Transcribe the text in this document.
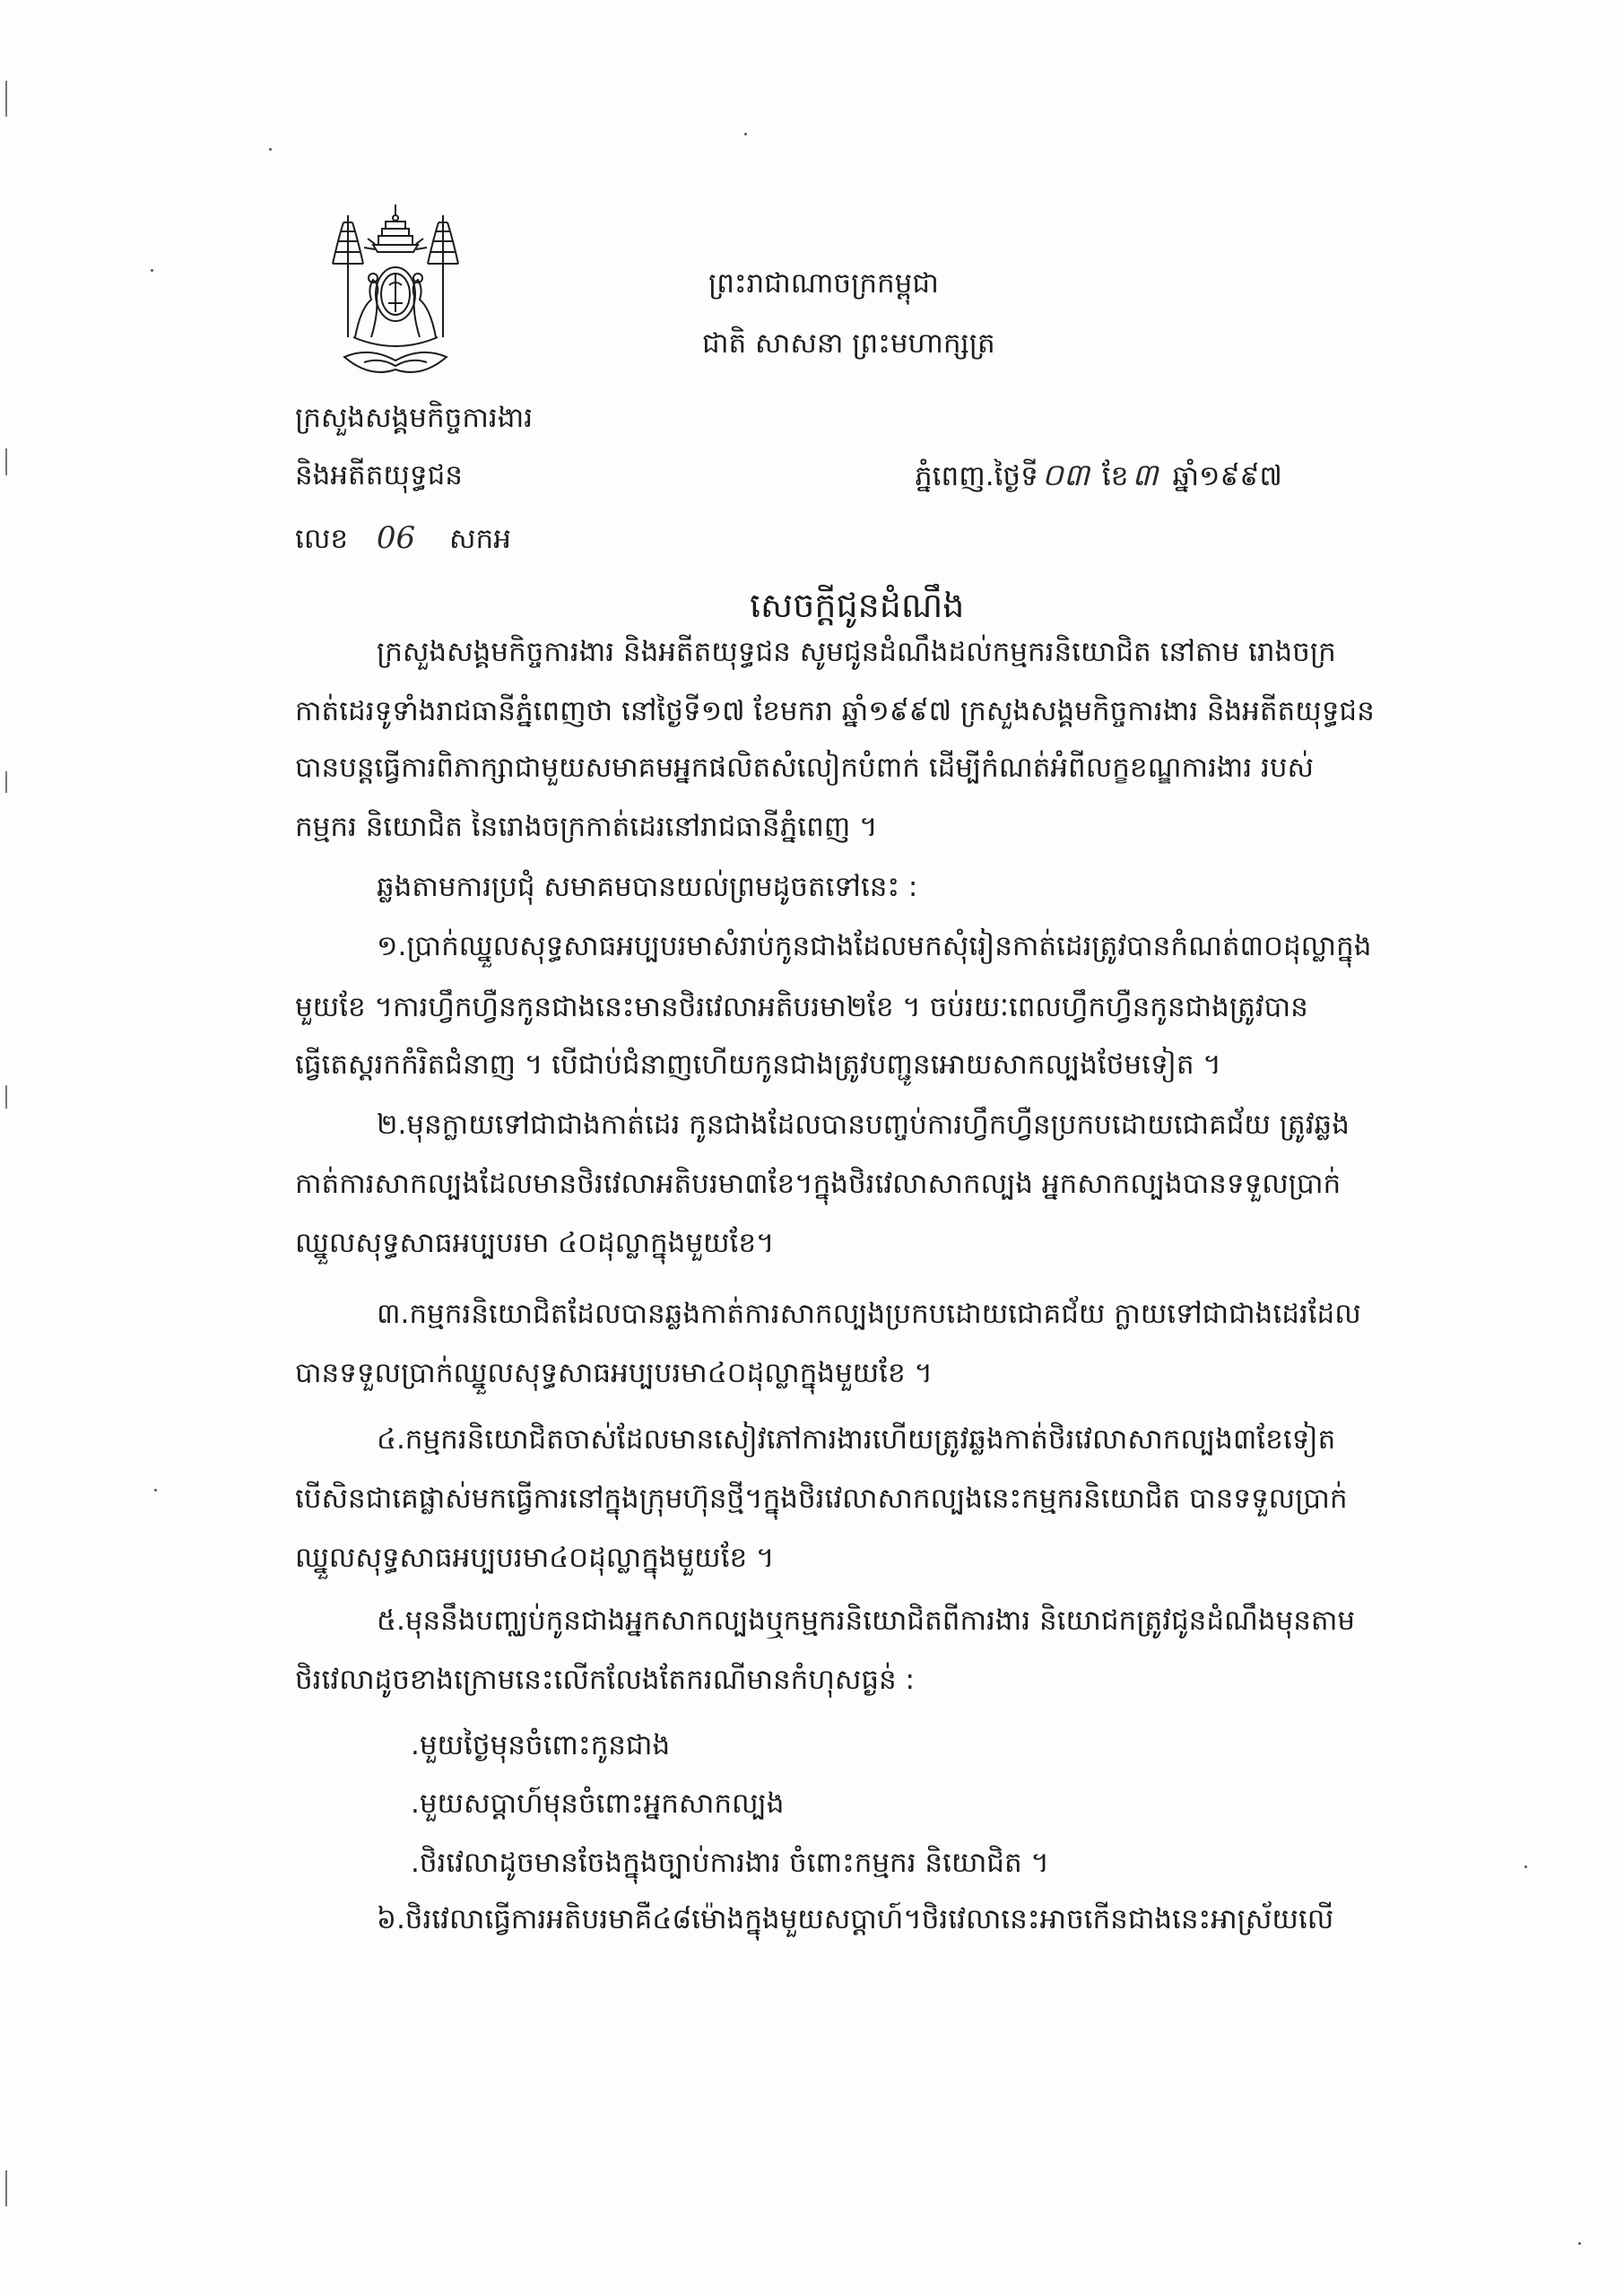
ព្រះរាជាណាចក្រកម្ពុជា
ជាតិ សាសនា ព្រះមហាក្សត្រ
ក្រសួងសង្គមកិច្ចការងារ
និងអតីតយុទ្ធជន
លេខ 06 សកអ
ភ្នំពេញ.ថ្ងៃទី ០៣ ខែ ៣ ឆ្នាំ១៩៩៧
សេចក្តីជូនដំណឹង
ក្រសួងសង្គមកិច្ចការងារ និងអតីតយុទ្ធជន សូមជូនដំណឹងដល់កម្មករនិយោជិត នៅតាម រោងចក្រ
កាត់ដេរទូទាំងរាជធានីភ្នំពេញថា នៅថ្ងៃទី១៧ ខែមករា ឆ្នាំ១៩៩៧ ក្រសួងសង្គមកិច្ចការងារ និងអតីតយុទ្ធជន
បានបន្តធ្វើការពិភាក្សាជាមួយសមាគមអ្នកផលិតសំលៀកបំពាក់ ដើម្បីកំណត់អំពីលក្ខខណ្ឌការងារ របស់
កម្មករ និយោជិត នៃរោងចក្រកាត់ដេរនៅរាជធានីភ្នំពេញ ។
ឆ្លងតាមការប្រជុំ សមាគមបានយល់ព្រមដូចតទៅនេះ :
១.ប្រាក់ឈ្នួលសុទ្ធសាធអប្បបរមាសំរាប់កូនជាងដែលមកសុំរៀនកាត់ដេរត្រូវបានកំណត់៣០ដុល្លាក្នុង
មួយខែ ។ការហ្វឹកហ្វឺនកូនជាងនេះមានថិរវេលាអតិបរមា២ខែ ។ ចប់រយៈពេលហ្វឹកហ្វឺនកូនជាងត្រូវបាន
ធ្វើតេស្តរកកំរិតជំនាញ ។ បើជាប់ជំនាញហើយកូនជាងត្រូវបញ្ជូនអោយសាកល្បងថែមទៀត ។
២.មុនក្លាយទៅជាជាងកាត់ដេរ កូនជាងដែលបានបញ្ចប់ការហ្វឹកហ្វឺនប្រកបដោយជោគជ័យ ត្រូវឆ្លង
កាត់ការសាកល្បងដែលមានថិរវេលាអតិបរមា៣ខែ។ក្នុងថិរវេលាសាកល្បង អ្នកសាកល្បងបានទទួលប្រាក់
ឈ្នួលសុទ្ធសាធអប្បបរមា ៤០ដុល្លាក្នុងមួយខែ។
៣.កម្មករនិយោជិតដែលបានឆ្លងកាត់ការសាកល្បងប្រកបដោយជោគជ័យ ក្លាយទៅជាជាងដេរដែល
បានទទួលប្រាក់ឈ្នួលសុទ្ធសាធអប្បបរមា៤០ដុល្លាក្នុងមួយខែ ។
៤.កម្មករនិយោជិតចាស់ដែលមានសៀវភៅការងារហើយត្រូវឆ្លងកាត់ថិរវេលាសាកល្បង៣ខែទៀត
បើសិនជាគេផ្លាស់មកធ្វើការនៅក្នុងក្រុមហ៊ុនថ្មី។ក្នុងថិរវេលាសាកល្បងនេះកម្មករនិយោជិត បានទទួលប្រាក់
ឈ្នួលសុទ្ធសាធអប្បបរមា៤០ដុល្លាក្នុងមួយខែ ។
៥.មុននឹងបញ្ឈប់កូនជាងអ្នកសាកល្បងឬកម្មករនិយោជិតពីការងារ និយោជកត្រូវជូនដំណឹងមុនតាម
ថិរវេលាដូចខាងក្រោមនេះលើកលែងតែករណីមានកំហុសធ្ងន់ :
.មួយថ្ងៃមុនចំពោះកូនជាង
.មួយសប្តាហ៍មុនចំពោះអ្នកសាកល្បង
.ថិរវេលាដូចមានចែងក្នុងច្បាប់ការងារ ចំពោះកម្មករ និយោជិត ។
៦.ថិរវេលាធ្វើការអតិបរមាគឺ៤៨ម៉ោងក្នុងមួយសប្តាហ៍។ថិរវេលានេះអាចកើនជាងនេះអាស្រ័យលើ
